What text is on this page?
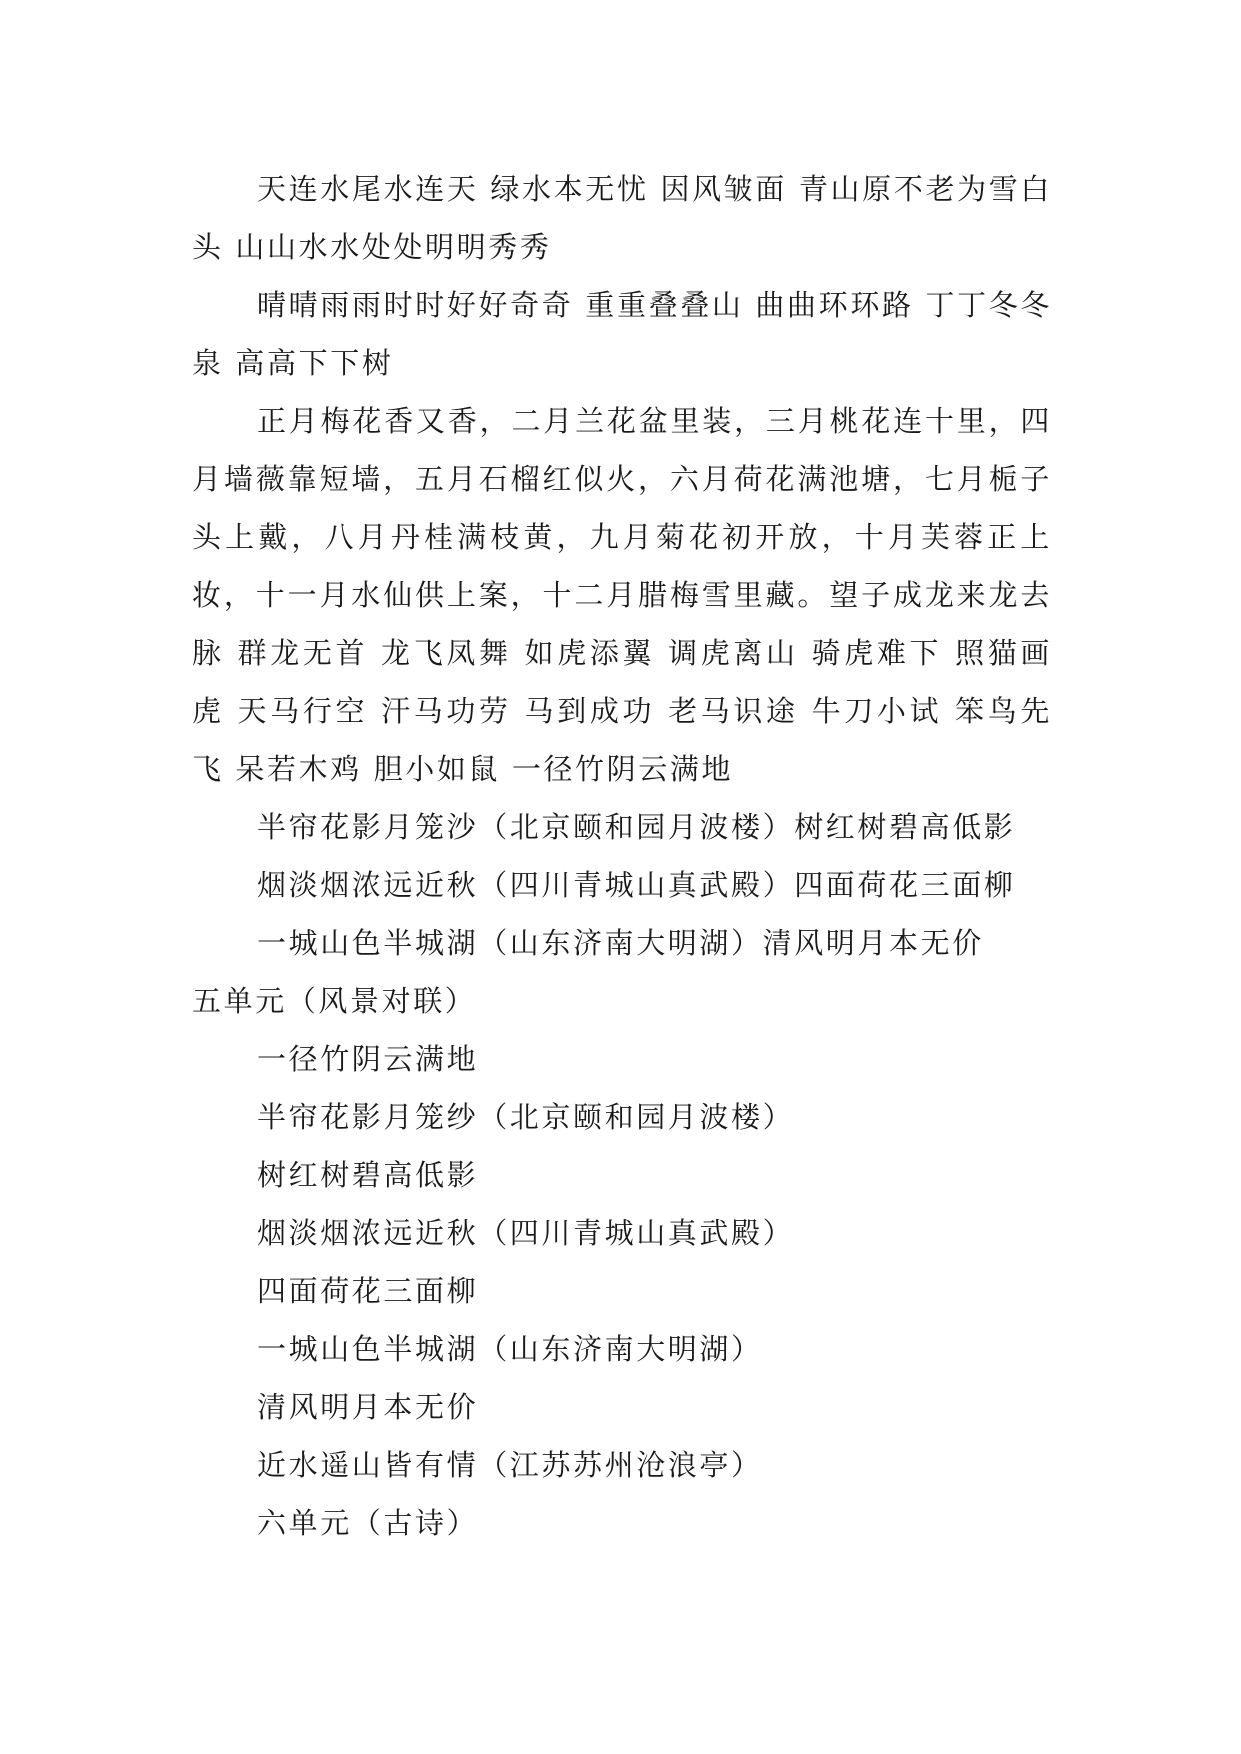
天连水尾水连天 绿水本无忧 因风皱面 青山原不老为雪白头 山山水水处处明明秀秀

晴晴雨雨时时好好奇奇 重重叠叠山 曲曲环环路 丁丁冬冬泉 高高下下树

正月梅花香又香，二月兰花盆里装，三月桃花连十里，四月墙薇靠短墙，五月石榴红似火，六月荷花满池塘，七月栀子头上戴，八月丹桂满枝黄，九月菊花初开放，十月芙蓉正上妆，十一月水仙供上案，十二月腊梅雪里藏。望子成龙来龙去脉 群龙无首 龙飞凤舞 如虎添翼 调虎离山 骑虎难下 照猫画虎 天马行空 汗马功劳 马到成功 老马识途 牛刀小试 笨鸟先飞 呆若木鸡 胆小如鼠 一径竹阴云满地

半帘花影月笼沙（北京颐和园月波楼）树红树碧高低影

烟淡烟浓远近秋（四川青城山真武殿）四面荷花三面柳

一城山色半城湖（山东济南大明湖）清风明月本无价

五单元（风景对联）

一径竹阴云满地

半帘花影月笼纱（北京颐和园月波楼）

树红树碧高低影

烟淡烟浓远近秋（四川青城山真武殿）

四面荷花三面柳

一城山色半城湖（山东济南大明湖）

清风明月本无价

近水遥山皆有情（江苏苏州沧浪亭）

六单元（古诗）
